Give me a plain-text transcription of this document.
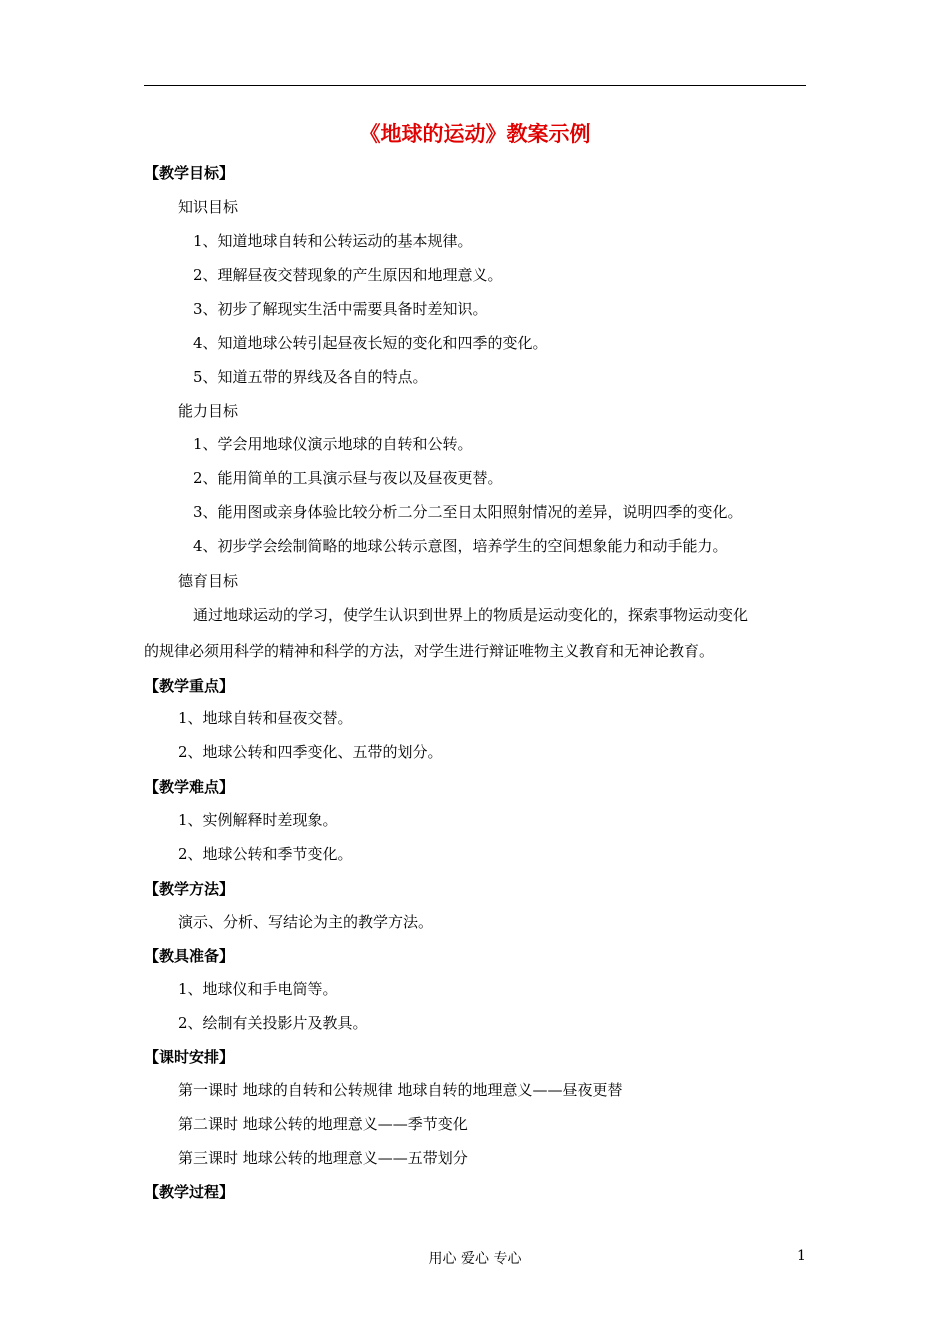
《地球的运动》教案示例
【教学目标】
知识目标
1、知道地球自转和公转运动的基本规律。
2、理解昼夜交替现象的产生原因和地理意义。
3、初步了解现实生活中需要具备时差知识。
4、知道地球公转引起昼夜长短的变化和四季的变化。
5、知道五带的界线及各自的特点。
能力目标
1、学会用地球仪演示地球的自转和公转。
2、能用简单的工具演示昼与夜以及昼夜更替。
3、能用图或亲身体验比较分析二分二至日太阳照射情况的差异，说明四季的变化。
4、初步学会绘制简略的地球公转示意图，培养学生的空间想象能力和动手能力。
德育目标
通过地球运动的学习，使学生认识到世界上的物质是运动变化的，探索事物运动变化
的规律必须用科学的精神和科学的方法，对学生进行辩证唯物主义教育和无神论教育。
【教学重点】
1、地球自转和昼夜交替。
2、地球公转和四季变化、五带的划分。
【教学难点】
1、实例解释时差现象。
2、地球公转和季节变化。
【教学方法】
演示、分析、写结论为主的教学方法。
【教具准备】
1、地球仪和手电筒等。
2、绘制有关投影片及教具。
【课时安排】
第一课时 地球的自转和公转规律 地球自转的地理意义——昼夜更替
第二课时 地球公转的地理意义——季节变化
第三课时 地球公转的地理意义——五带划分
【教学过程】
用心 爱心 专心	1
